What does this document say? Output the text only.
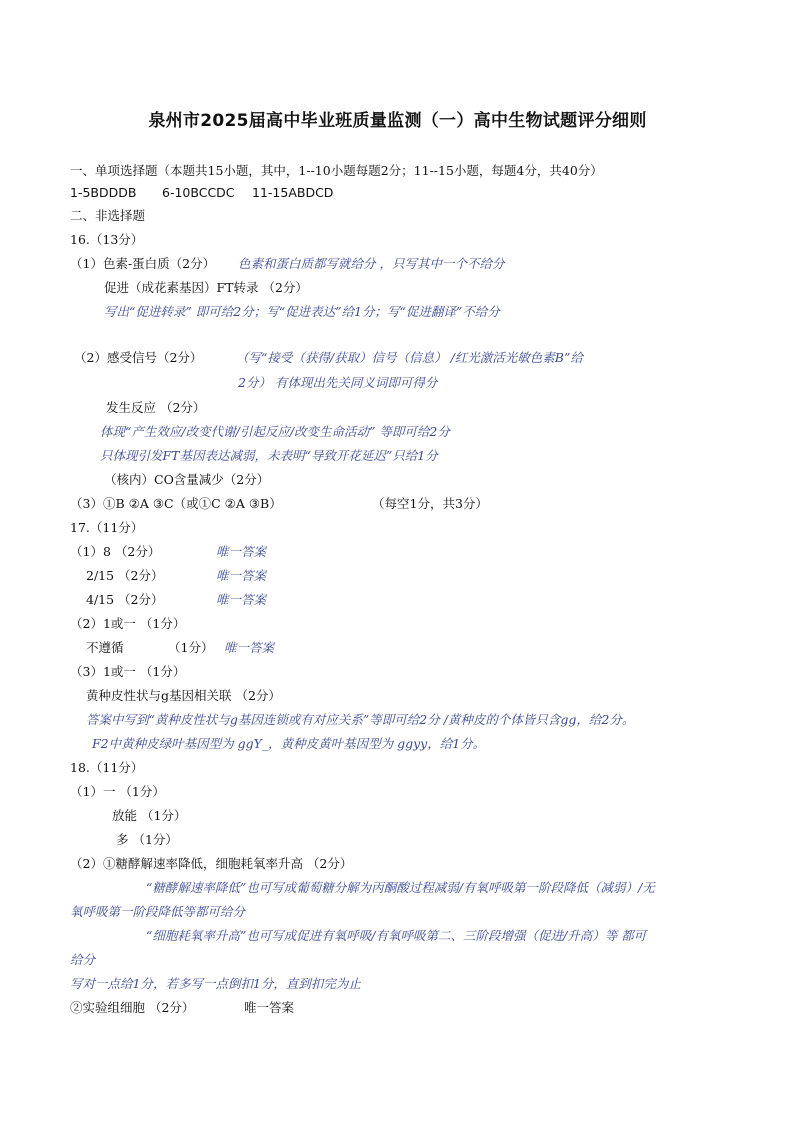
泉州市2025届高中毕业班质量监测（一）高中生物试题评分细则
一、单项选择题（本题共15小题，其中，1--10小题每题2分；11--15小题，每题4分，共40分）
1-5BDDDB 6-10BCCDC 11-15ABDCD
二、非选择题
16.（13分）
（1）色素-蛋白质（2分） 色素和蛋白质都写就给分 ，只写其中一个不给分
促进（成花素基因）FT转录 （2分）
写出“促进转录” 即可给2分；写“促进表达”给1分；写“促进翻译”不给分
（2）感受信号（2分）	（写“接受（获得/获取）信号（信息） /红光激活光敏色素B”给
2分） 有体现出先关同义词即可得分
发生反应 （2分）
体现“产生效应/改变代谢/引起反应/改变生命活动” 等即可给2分
只体现引发FT基因表达减弱，未表明“导致开花延迟”只给1分
（核内）CO含量减少（2分）
（3）①B ②A ③C（或①C ②A ③B）	（每空1分，共3分）
17.（11分）
（1）8 （2分）	唯一答案
2/15 （2分）	唯一答案
4/15 （2分）	唯一答案
（2）1或一 （1分）
不遵循	（1分） 唯一答案
（3）1或一 （1分）
黄种皮性状与g基因相关联 （2分）
答案中写到“黄种皮性状与g基因连锁或有对应关系”等即可给2分 /黄种皮的个体皆只含gg，给2分。
F2中黄种皮绿叶基因型为 ggY_，黄种皮黄叶基因型为 ggyy，给1分。
18.（11分）
（1）一 （1分）
放能 （1分）
多 （1分）
（2）①糖酵解速率降低，细胞耗氧率升高 （2分）
“糖酵解速率降低”也可写成葡萄糖分解为丙酮酸过程减弱/有氧呼吸第一阶段降低（减弱）/无
氧呼吸第一阶段降低等都可给分
“细胞耗氧率升高”也可写成促进有氧呼吸/有氧呼吸第二、三阶段增强（促进/升高）等 都可
给分
写对一点给1分，若多写一点倒扣1分，直到扣完为止
②实验组细胞 （2分）	唯一答案
